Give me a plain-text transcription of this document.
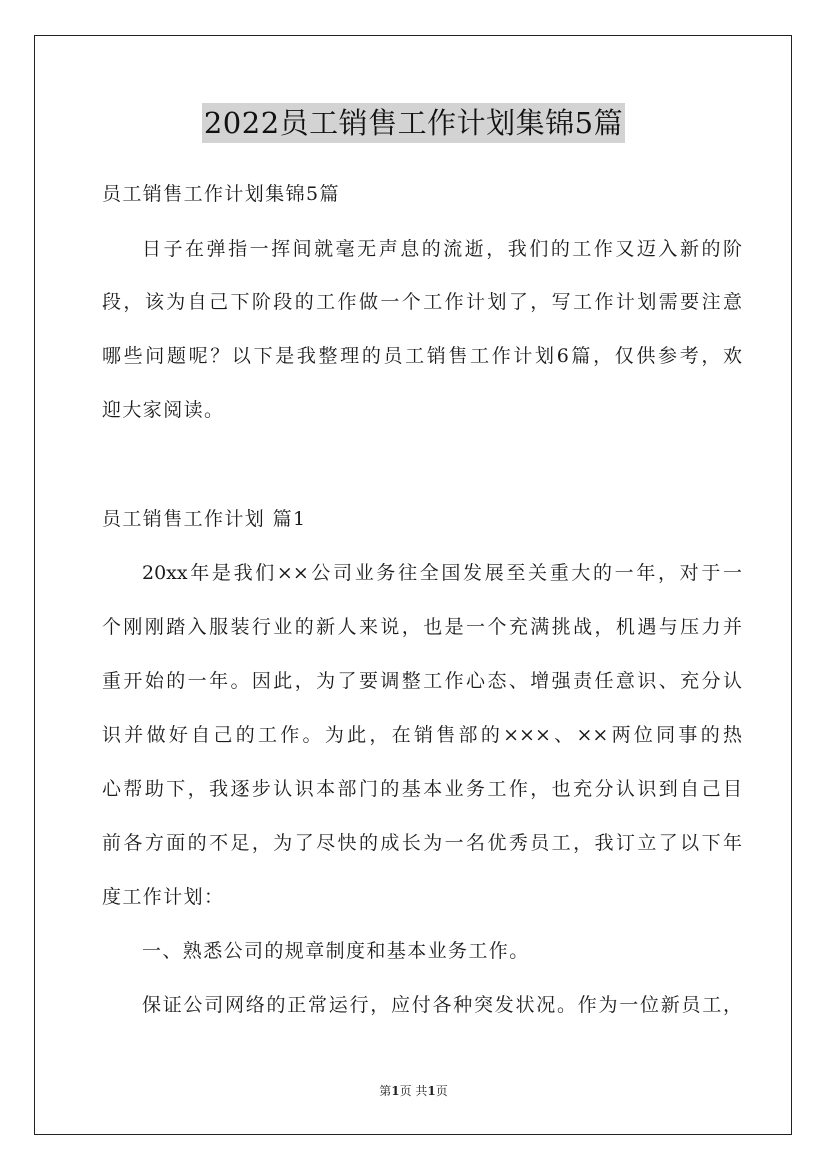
2022员工销售工作计划集锦5篇
员工销售工作计划集锦5篇
日子在弹指一挥间就毫无声息的流逝，我们的工作又迈入新的阶
段，该为自己下阶段的工作做一个工作计划了，写工作计划需要注意
哪些问题呢？以下是我整理的员工销售工作计划6篇，仅供参考，欢
迎大家阅读。
员工销售工作计划 篇1
20xx年是我们××公司业务往全国发展至关重大的一年，对于一
个刚刚踏入服装行业的新人来说，也是一个充满挑战，机遇与压力并
重开始的一年。因此，为了要调整工作心态、增强责任意识、充分认
识并做好自己的工作。为此，在销售部的×××、××两位同事的热
心帮助下，我逐步认识本部门的基本业务工作，也充分认识到自己目
前各方面的不足，为了尽快的成长为一名优秀员工，我订立了以下年
度工作计划：
一、熟悉公司的规章制度和基本业务工作。
保证公司网络的正常运行，应付各种突发状况。作为一位新员工，
第1页 共1页
